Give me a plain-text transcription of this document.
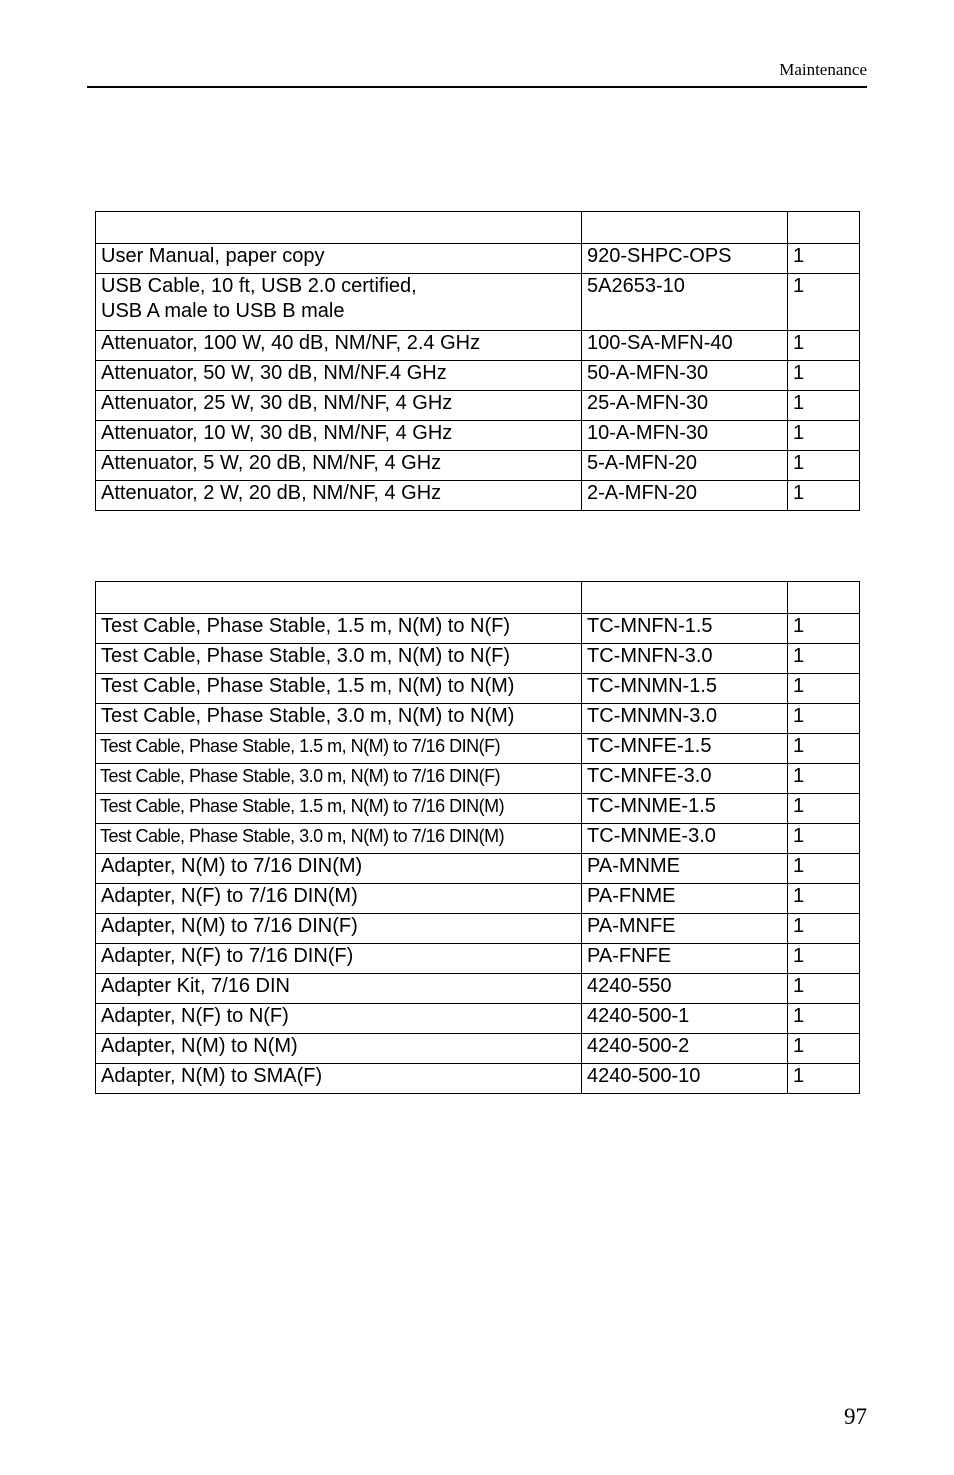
Maintenance

User Manual, paper copy	920-SHPC-OPS	1

USB Cable, 10 ft, USB 2.0 certified,
USB A male to USB B male	5A2653-10	1
Attenuator, 100 W, 40 dB, NM/NF, 2.4 GHz	100-SA-MFN-40	1
Attenuator, 50 W, 30 dB, NM/NF.4 GHz	50-A-MFN-30	1
Attenuator, 25 W, 30 dB, NM/NF, 4 GHz	25-A-MFN-30	1
Attenuator, 10 W, 30 dB, NM/NF, 4 GHz	10-A-MFN-30	1
Attenuator, 5 W, 20 dB, NM/NF, 4 GHz	5-A-MFN-20	1
Attenuator, 2 W, 20 dB, NM/NF, 4 GHz	2-A-MFN-20	1

Test Cable, Phase Stable, 1.5 m, N(M) to N(F)	TC-MNFN-1.5	1
Test Cable, Phase Stable, 3.0 m, N(M) to N(F)	TC-MNFN-3.0	1
Test Cable, Phase Stable, 1.5 m, N(M) to N(M)	TC-MNMN-1.5	1
Test Cable, Phase Stable, 3.0 m, N(M) to N(M)	TC-MNMN-3.0	1
Test Cable, Phase Stable, 1.5 m, N(M) to 7/16 DIN(F)	TC-MNFE-1.5	1
Test Cable, Phase Stable, 3.0 m, N(M) to 7/16 DIN(F)	TC-MNFE-3.0	1
Test Cable, Phase Stable, 1.5 m, N(M) to 7/16 DIN(M)	TC-MNME-1.5	1
Test Cable, Phase Stable, 3.0 m, N(M) to 7/16 DIN(M)	TC-MNME-3.0	1
Adapter, N(M) to 7/16 DIN(M)	PA-MNME	1
Adapter, N(F) to 7/16 DIN(M)	PA-FNME	1
Adapter, N(M) to 7/16 DIN(F)	PA-MNFE	1
Adapter, N(F) to 7/16 DIN(F)	PA-FNFE	1
Adapter Kit, 7/16 DIN	4240-550	1
Adapter, N(F) to N(F)	4240-500-1	1
Adapter, N(M) to N(M)	4240-500-2	1
Adapter, N(M) to SMA(F)	4240-500-10	1
97
